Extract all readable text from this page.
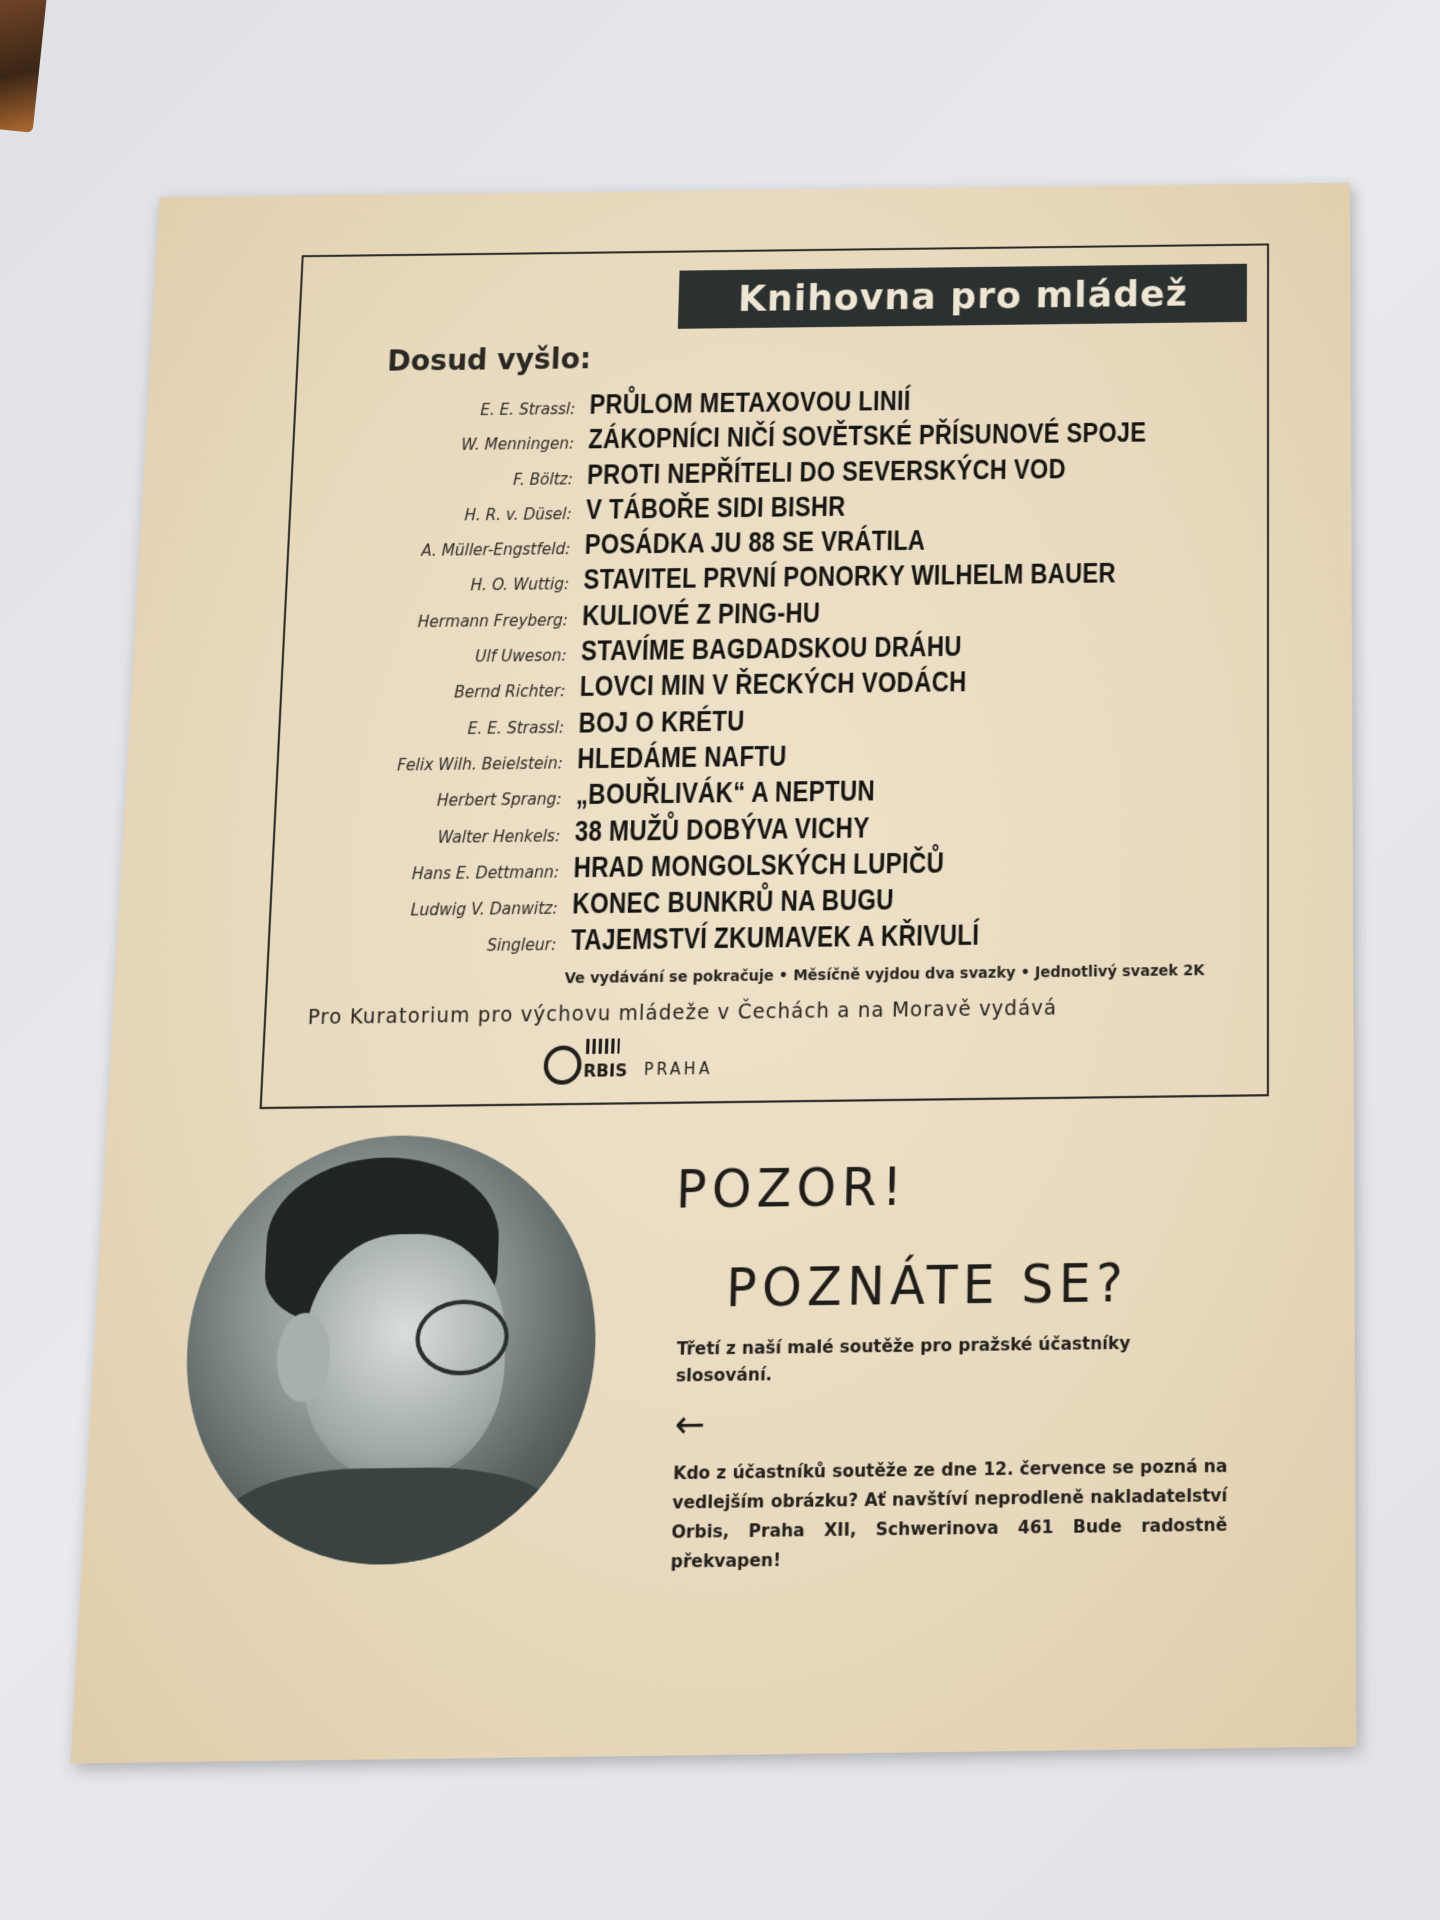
Knihovna pro mládež
Dosud vyšlo:
E. E. Strassl: PRŮLOM METAXOVOU LINIÍ
W. Menningen: ZÁKOPNÍCI NIČÍ SOVĚTSKÉ PŘÍSUNOVÉ SPOJE
F. Böltz: PROTI NEPŘÍTELI DO SEVERSKÝCH VOD
H. R. v. Düsel: V TÁBOŘE SIDI BISHR
A. Müller-Engstfeld: POSÁDKA JU 88 SE VRÁTILA
H. O. Wuttig: STAVITEL PRVNÍ PONORKY WILHELM BAUER
Hermann Freyberg: KULIOVÉ Z PING-HU
Ulf Uweson: STAVÍME BAGDADSKOU DRÁHU
Bernd Richter: LOVCI MIN V ŘECKÝCH VODÁCH
E. E. Strassl: BOJ O KRÉTU
Felix Wilh. Beielstein: HLEDÁME NAFTU
Herbert Sprang: „BOUŘLIVÁK“ A NEPTUN
Walter Henkels: 38 MUŽŮ DOBÝVA VICHY
Hans E. Dettmann: HRAD MONGOLSKÝCH LUPIČŮ
Ludwig V. Danwitz: KONEC BUNKRŮ NA BUGU
Singleur: TAJEMSTVÍ ZKUMAVEK A KŘIVULÍ
Ve vydávání se pokračuje • Měsíčně vyjdou dva svazky • Jednotlivý svazek 2K
Pro Kuratorium pro výchovu mládeže v Čechách a na Moravě vydává
RBIS PRAHA
POZOR!
POZNÁTE SE?
Třetí z naší malé soutěže pro pražské účastníky slosování.
←
Kdo z účastníků soutěže ze dne 12. července se pozná na vedlejším obrázku? Ať navštíví neprodleně nakladatelství Orbis, Praha XII, Schwerinova 461 Bude radostně překvapen!
